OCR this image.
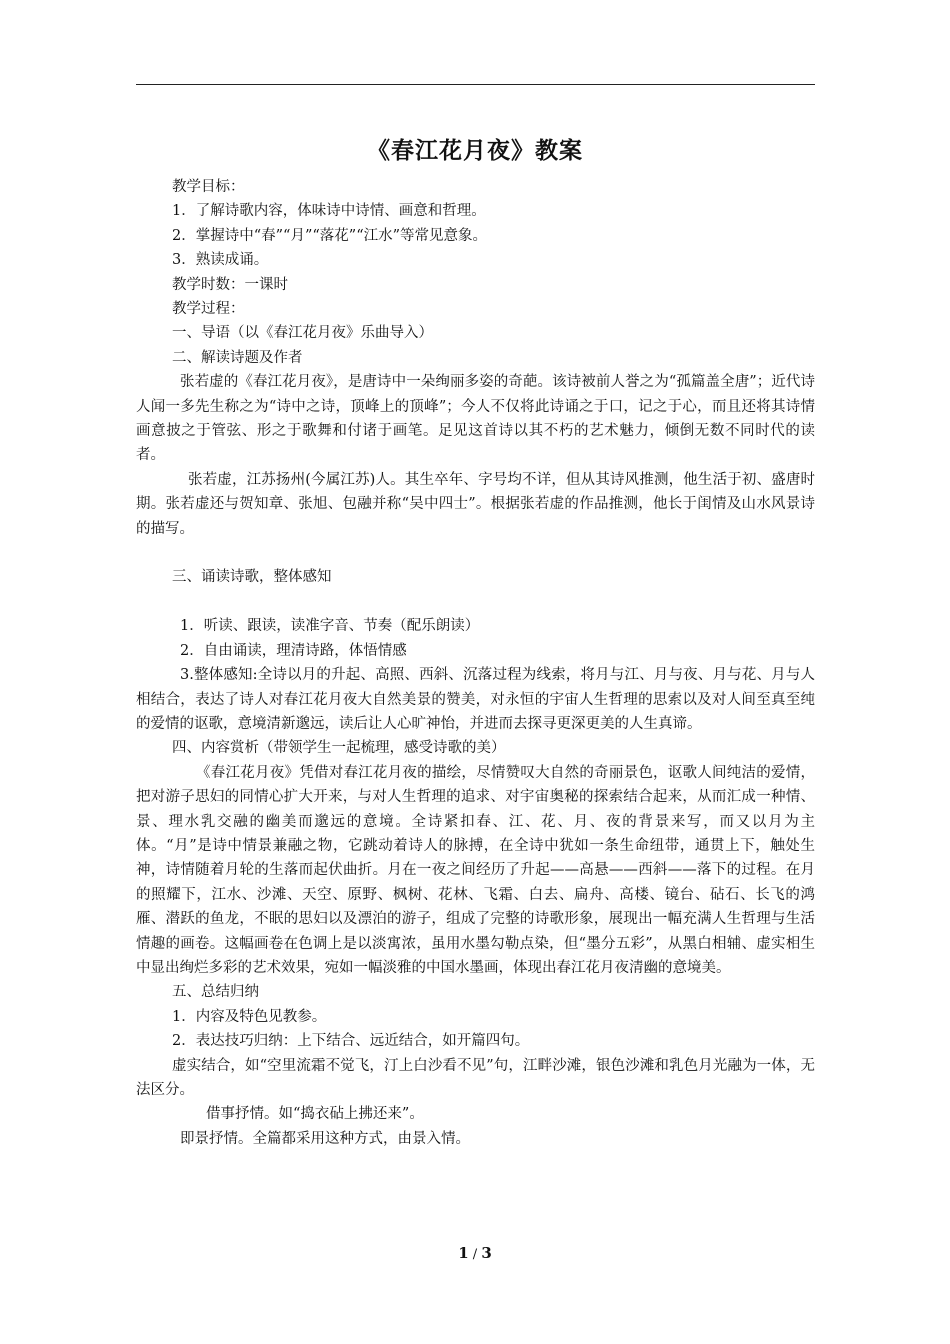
《春江花月夜》教案

教学目标：

1．了解诗歌内容，体味诗中诗情、画意和哲理。

2．掌握诗中“春”“月”“落花”“江水”等常见意象。

3．熟读成诵。

教学时数：一课时

教学过程：

一、导语（以《春江花月夜》乐曲导入）

二、解读诗题及作者

张若虚的《春江花月夜》，是唐诗中一朵绚丽多姿的奇葩。该诗被前人誉之为“孤篇盖全唐”；近代诗人闻一多先生称之为“诗中之诗，顶峰上的顶峰”；今人不仅将此诗诵之于口，记之于心，而且还将其诗情画意披之于管弦、形之于歌舞和付诸于画笔。足见这首诗以其不朽的艺术魅力，倾倒无数不同时代的读者。

张若虚，江苏扬州(今属江苏)人。其生卒年、字号均不详，但从其诗风推测，他生活于初、盛唐时期。张若虚还与贺知章、张旭、包融并称“吴中四士”。根据张若虚的作品推测，他长于闺情及山水风景诗的描写。

三、诵读诗歌，整体感知

1．听读、跟读，读准字音、节奏（配乐朗读）

2．自由诵读，理清诗路，体悟情感

3.整体感知:全诗以月的升起、高照、西斜、沉落过程为线索，将月与江、月与夜、月与花、月与人相结合，表达了诗人对春江花月夜大自然美景的赞美，对永恒的宇宙人生哲理的思索以及对人间至真至纯的爱情的讴歌，意境清新邈远，读后让人心旷神怡，并进而去探寻更深更美的人生真谛。

四、内容赏析（带领学生一起梳理，感受诗歌的美）

《春江花月夜》凭借对春江花月夜的描绘，尽情赞叹大自然的奇丽景色，讴歌人间纯洁的爱情，把对游子思妇的同情心扩大开来，与对人生哲理的追求、对宇宙奥秘的探索结合起来，从而汇成一种情、景、理水乳交融的幽美而邈远的意境。全诗紧扣春、江、花、月、夜的背景来写，而又以月为主体。“月”是诗中情景兼融之物，它跳动着诗人的脉搏，在全诗中犹如一条生命纽带，通贯上下，触处生神，诗情随着月轮的生落而起伏曲折。月在一夜之间经历了升起——高悬——西斜——落下的过程。在月的照耀下，江水、沙滩、天空、原野、枫树、花林、飞霜、白去、扁舟、高楼、镜台、砧石、长飞的鸿雁、潜跃的鱼龙，不眠的思妇以及漂泊的游子，组成了完整的诗歌形象，展现出一幅充满人生哲理与生活情趣的画卷。这幅画卷在色调上是以淡寓浓，虽用水墨勾勒点染，但“墨分五彩”，从黑白相辅、虚实相生中显出绚烂多彩的艺术效果，宛如一幅淡雅的中国水墨画，体现出春江花月夜清幽的意境美。

五、总结归纳

1．内容及特色见教参。

2．表达技巧归纳：上下结合、远近结合，如开篇四句。

虚实结合，如“空里流霜不觉飞，汀上白沙看不见”句，江畔沙滩，银色沙滩和乳色月光融为一体，无法区分。

借事抒情。如“捣衣砧上拂还来”。

即景抒情。全篇都采用这种方式，由景入情。

1 / 3
